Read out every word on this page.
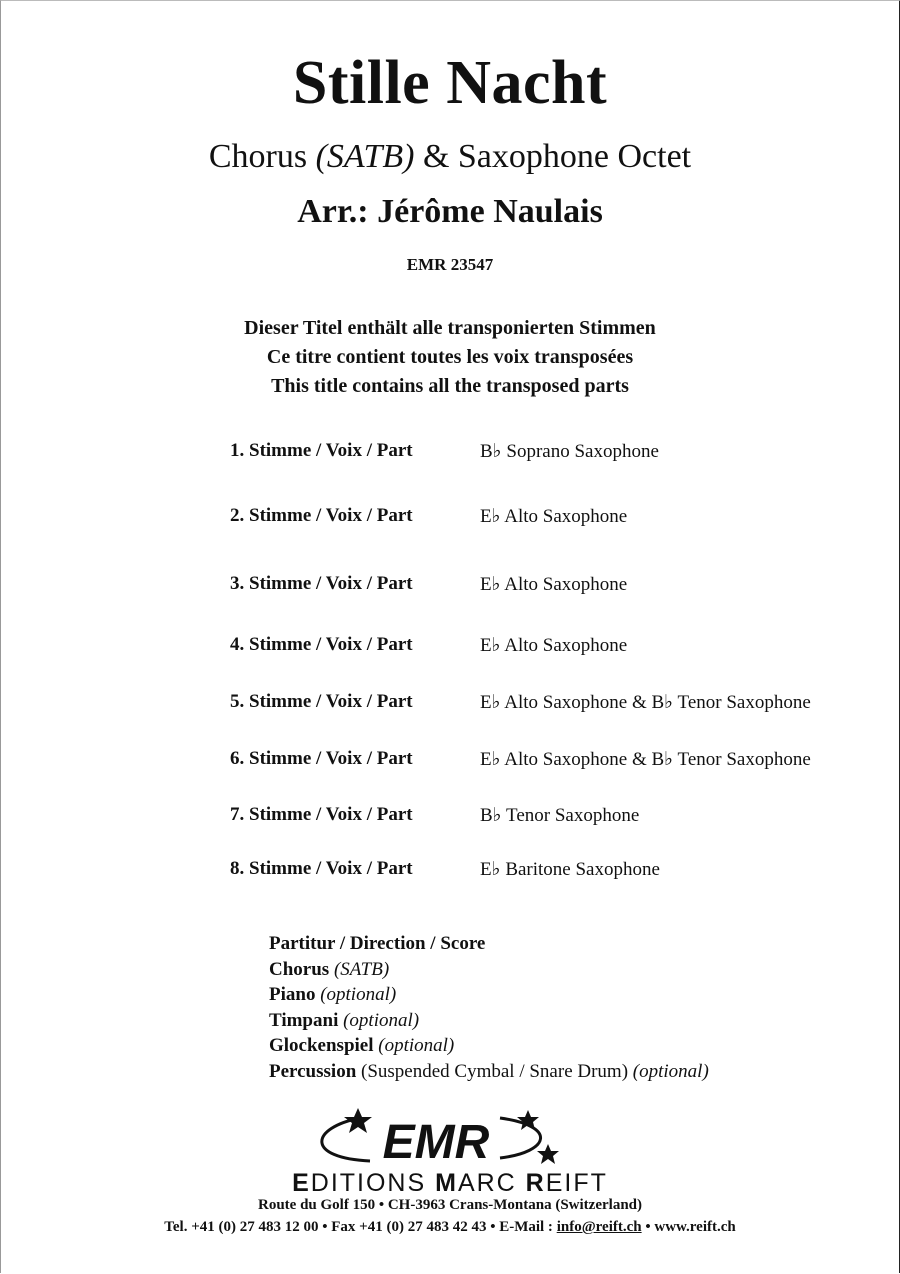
Stille Nacht
Chorus (SATB) & Saxophone Octet
Arr.: Jérôme Naulais
EMR 23547
Dieser Titel enthält alle transponierten Stimmen
Ce titre contient toutes les voix transposées
This title contains all the transposed parts
1. Stimme / Voix / Part	B♭ Soprano Saxophone
2. Stimme / Voix / Part	E♭ Alto Saxophone
3. Stimme / Voix / Part	E♭ Alto Saxophone
4. Stimme / Voix / Part	E♭ Alto Saxophone
5. Stimme / Voix / Part	E♭ Alto Saxophone & B♭ Tenor Saxophone
6. Stimme / Voix / Part	E♭ Alto Saxophone & B♭ Tenor Saxophone
7. Stimme / Voix / Part	B♭ Tenor Saxophone
8. Stimme / Voix / Part	E♭ Baritone Saxophone
Partitur / Direction / Score
Chorus (SATB)
Piano (optional)
Timpani (optional)
Glockenspiel (optional)
Percussion (Suspended Cymbal / Snare Drum) (optional)
EMR
EDITIONS MARC REIFT
Route du Golf 150 • CH-3963 Crans-Montana (Switzerland)
Tel. +41 (0) 27 483 12 00 • Fax +41 (0) 27 483 42 43 • E-Mail : info@reift.ch • www.reift.ch
